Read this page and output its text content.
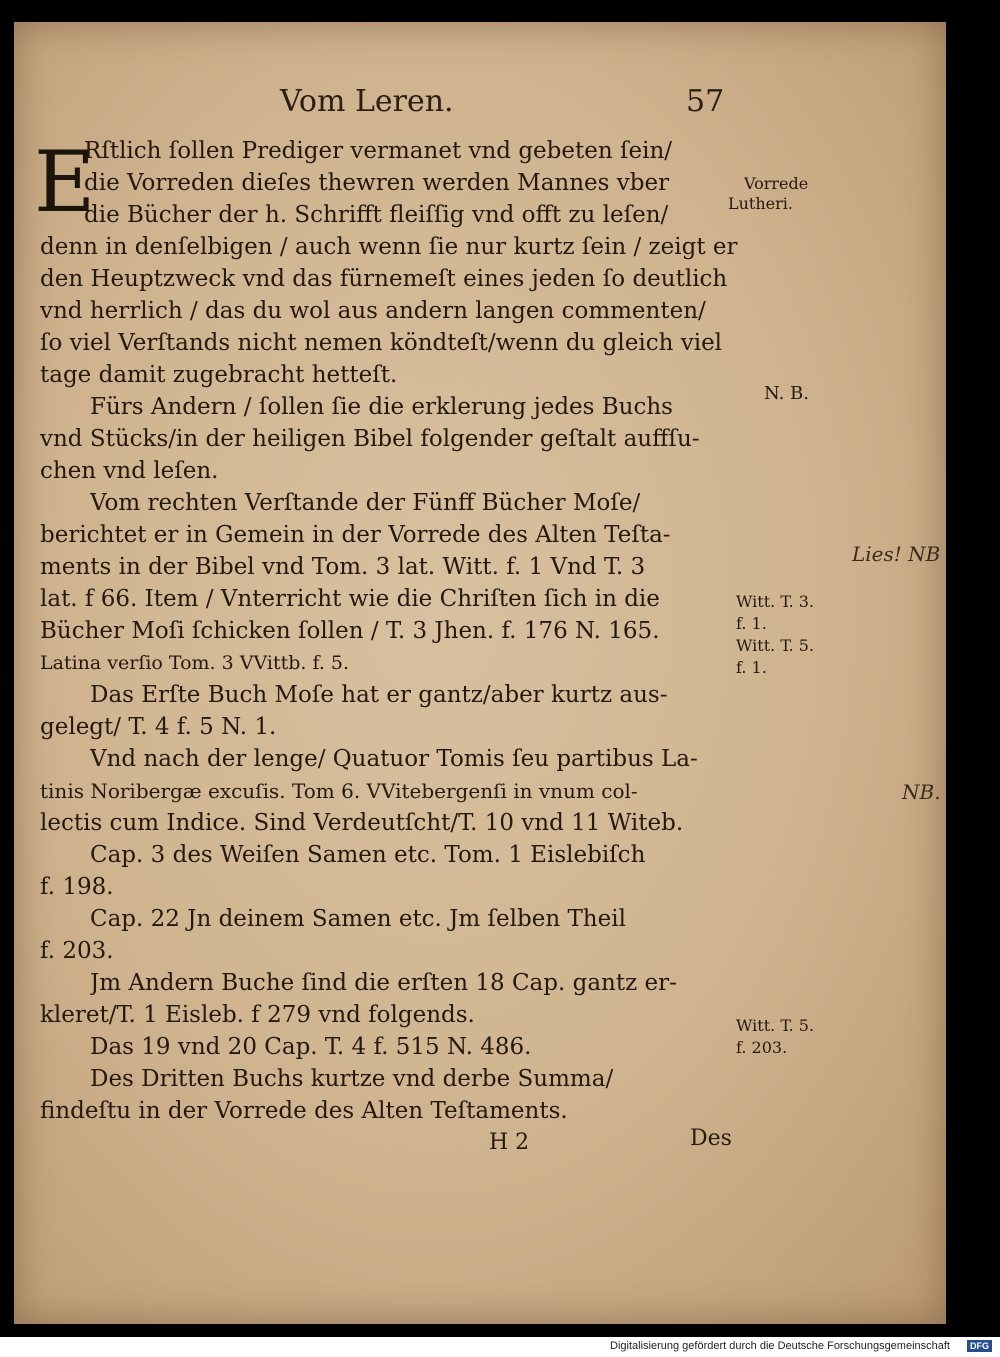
Vom Leren.	57
E
Rſtlich ſollen Prediger vermanet vnd gebeten ſein/
die Vorreden dieſes thewren werden Mannes vber
die Bücher der h. Schrifft fleiſſig vnd offt zu leſen/
denn in denſelbigen / auch wenn ſie nur kurtz ſein / zeigt er
den Heuptzweck vnd das fürnemeſt eines jeden ſo deutlich
vnd herrlich / das du wol aus andern langen commenten/
ſo viel Verſtands nicht nemen köndteſt/wenn du gleich viel
tage damit zugebracht hetteſt.
Fürs Andern / ſollen ſie die erklerung jedes Buchs
vnd Stücks/in der heiligen Bibel folgender geſtalt auffſu-
chen vnd leſen.
Vom rechten Verſtande der Fünff Bücher Moſe/
berichtet er in Gemein in der Vorrede des Alten Teſta-
ments in der Bibel vnd Tom. 3 lat. Witt. f. 1 Vnd T. 3
lat. f 66. Item / Vnterricht wie die Chriſten ſich in die
Bücher Moſi ſchicken ſollen / T. 3 Jhen. f. 176 N. 165.
Latina verſio Tom. 3 VVittb. f. 5.
Das Erſte Buch Moſe hat er gantz/aber kurtz aus-
gelegt/ T. 4 f. 5 N. 1.
Vnd nach der lenge/ Quatuor Tomis ſeu partibus La-
tinis Noribergæ excuſis. Tom 6. VVitebergenſi in vnum col-
lectis cum Indice. Sind Verdeutſcht/T. 10 vnd 11 Witeb.
Cap. 3 des Weiſen Samen etc. Tom. 1 Eislebiſch
f. 198.
Cap. 22 Jn deinem Samen etc. Jm ſelben Theil
f. 203.
Jm Andern Buche ſind die erſten 18 Cap. gantz er-
kleret/T. 1 Eisleb. f 279 vnd folgends.
Das 19 vnd 20 Cap. T. 4 f. 515 N. 486.
Des Dritten Buchs kurtze vnd derbe Summa/
findeſtu in der Vorrede des Alten Teſtaments.
Vorrede
Lutheri.
N. B.
Witt. T. 3.
f. 1.
Witt. T. 5.
f. 1.
Witt. T. 5.
f. 203.
Lies! NB
NB.
H 2	Des
Digitalisierung gefördert durch die Deutsche Forschungsgemeinschaft	DFG
